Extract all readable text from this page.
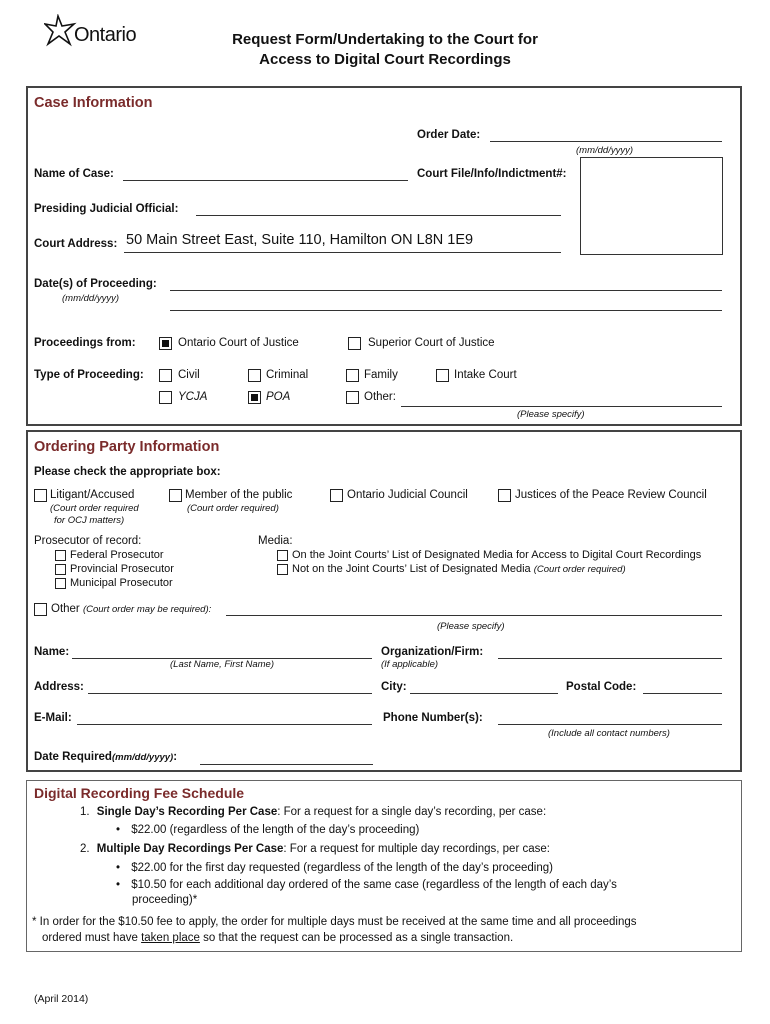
Ontario	Request Form/Undertaking to the Court for
Access to Digital Court Recordings
Case Information
Order Date:
(mm/dd/yyyy)
Name of Case:	Court File/Info/Indictment#:
Presiding Judicial Official:
Court Address: 50 Main Street East, Suite 110, Hamilton ON L8N 1E9
Date(s) of Proceeding:
(mm/dd/yyyy)
Proceedings from:	Ontario Court of Justice	Superior Court of Justice
Type of Proceeding:	Civil	Criminal	Family	Intake Court
YCJA	POA	Other:
(Please specify)
Ordering Party Information
Please check the appropriate box:
Litigant/Accused
(Court order required
for OCJ matters)
Member of the public
(Court order required)
Ontario Judicial Council	Justices of the Peace Review Council
Prosecutor of record:
Federal Prosecutor
Provincial Prosecutor
Municipal Prosecutor
Media:
On the Joint Courts’ List of Designated Media for Access to Digital Court Recordings
Not on the Joint Courts’ List of Designated Media (Court order required)
Other (Court order may be required):
(Please specify)
Name:
(Last Name, First Name)
Organization/Firm:
(If applicable)
Address:	City:	Postal Code:
E-Mail:	Phone Number(s):
(Include all contact numbers)
Date Required(mm/dd/yyyy):
Digital Recording Fee Schedule
1. Single Day’s Recording Per Case: For a request for a single day’s recording, per case:
• $22.00 (regardless of the length of the day’s proceeding)
2. Multiple Day Recordings Per Case: For a request for multiple day recordings, per case:
• $22.00 for the first day requested (regardless of the length of the day’s proceeding)
• $10.50 for each additional day ordered of the same case (regardless of the length of each day’s
proceeding)*
* In order for the $10.50 fee to apply, the order for multiple days must be received at the same time and all proceedings
ordered must have taken place so that the request can be processed as a single transaction.
(April 2014)
